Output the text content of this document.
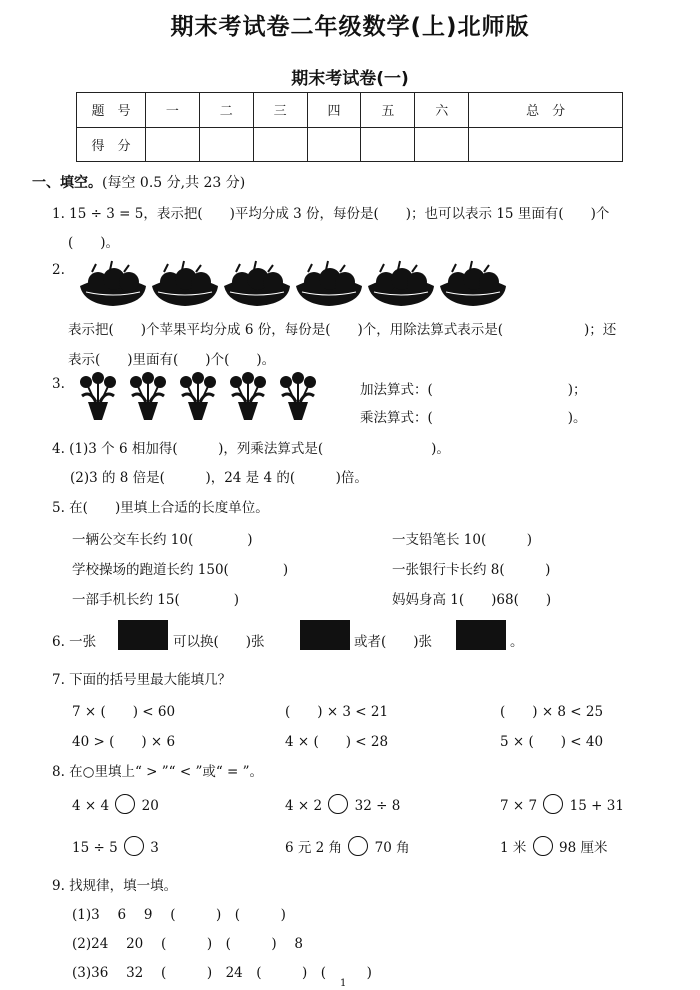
期末考试卷二年级数学(上)北师版
期末考试卷(一)
题　号	一	二	三	四	五	六	总　分
得　分							
一、填空。(每空 0.5 分,共 23 分)
1. 15 ÷ 3 = 5，表示把(　　)平均分成 3 份，每份是(　　)；也可以表示 15 里面有(　　)个
(　　)。
2.
表示把(　　)个苹果平均分成 6 份，每份是(　　)个，用除法算式表示是(　　　　　　)；还
表示(　　)里面有(　　)个(　　)。
3.	加法算式：(　　　　　　　　　　)；
乘法算式：(　　　　　　　　　　)。
4. (1)3 个 6 相加得(　　　)，列乘法算式是(　　　　　　　　)。
(2)3 的 8 倍是(　　　)，24 是 4 的(　　　)倍。
5. 在(　　)里填上合适的长度单位。
一辆公交车长约 10(　　　　)	一支铅笔长 10(　　　)
学校操场的跑道长约 150(　　　　)	一张银行卡长约 8(　　　)
一部手机长约 15(　　　　)	妈妈身高 1(　　)68(　　)
6. 一张	可以换(　　)张	或者(　　)张	。
7. 下面的括号里最大能填几？
7 × (　　) < 60	(　　) × 3 < 21	(　　) × 8 < 25
40 > (　　) × 6	4 × (　　) < 28	5 × (　　) < 40
8. 在○里填上“ > ”“ < ”或“ = ”。
4 × 4 20	4 × 2 32 ÷ 8	7 × 7 15 + 31
15 ÷ 5 3	6 元 2 角 70 角	1 米 98 厘米
9. 找规律，填一填。
(1)3　 6　 9　 (　　　)　(　　　)
(2)24　 20　 (　　　)　(　　　)　 8
(3)36　 32　 (　　　)　24　(　　　)　(　　　)
1
